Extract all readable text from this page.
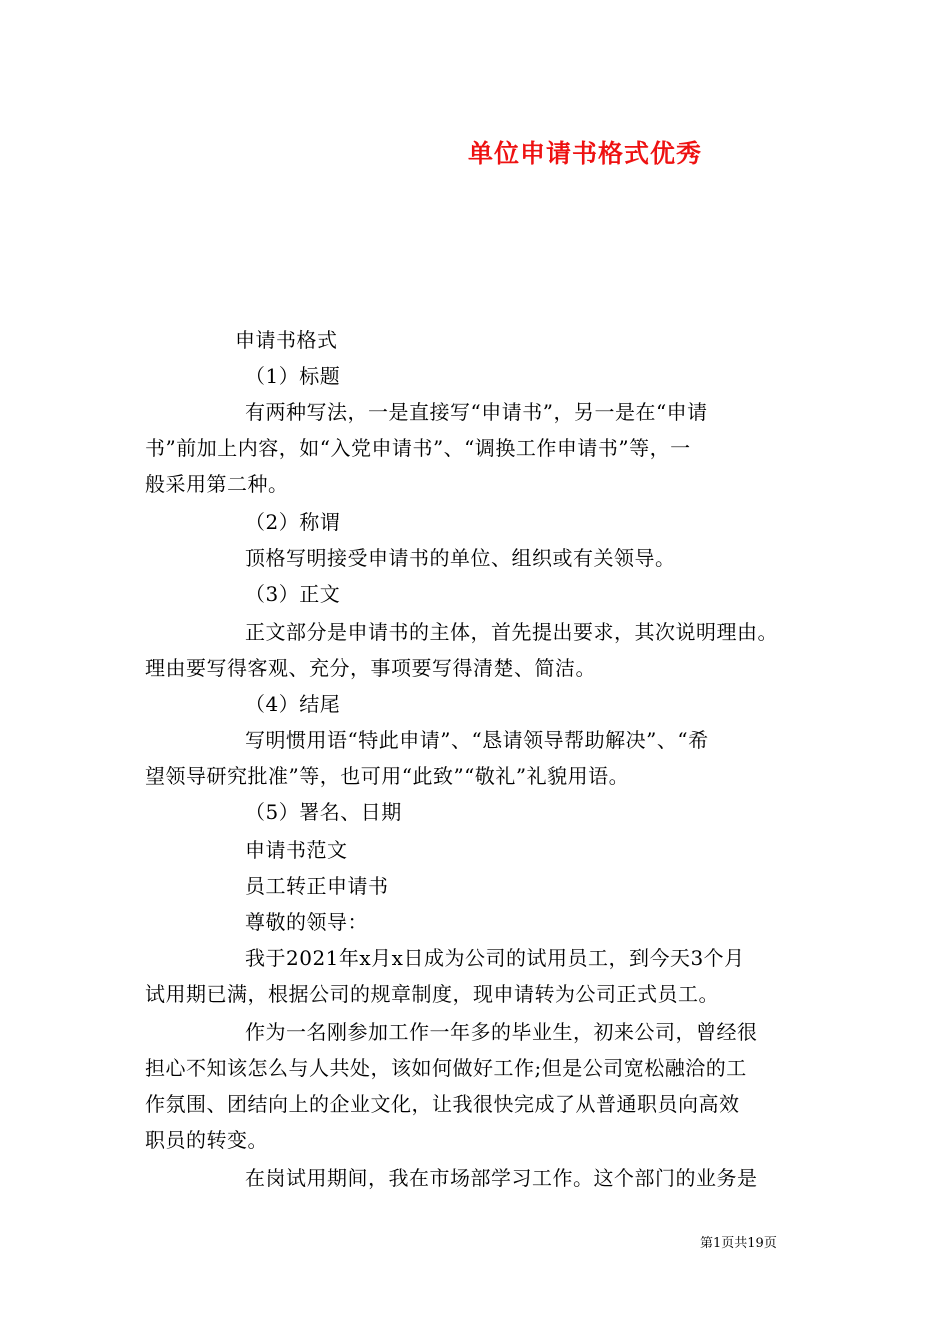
单位申请书格式优秀
申请书格式
（1）标题
有两种写法，一是直接写“申请书”，另一是在“申请
书”前加上内容，如“入党申请书”、“调换工作申请书”等，一
般采用第二种。
（2）称谓
顶格写明接受申请书的单位、组织或有关领导。
（3）正文
正文部分是申请书的主体，首先提出要求，其次说明理由。
理由要写得客观、充分，事项要写得清楚、简洁。
（4）结尾
写明惯用语“特此申请”、“恳请领导帮助解决”、“希
望领导研究批准”等，也可用“此致”“敬礼”礼貌用语。
（5）署名、日期
申请书范文
员工转正申请书
尊敬的领导：
我于2021年x月x日成为公司的试用员工，到今天3个月
试用期已满，根据公司的规章制度，现申请转为公司正式员工。
作为一名刚参加工作一年多的毕业生，初来公司，曾经很
担心不知该怎么与人共处，该如何做好工作;但是公司宽松融洽的工
作氛围、团结向上的企业文化，让我很快完成了从普通职员向高效
职员的转变。
在岗试用期间，我在市场部学习工作。这个部门的业务是
第1页共19页
